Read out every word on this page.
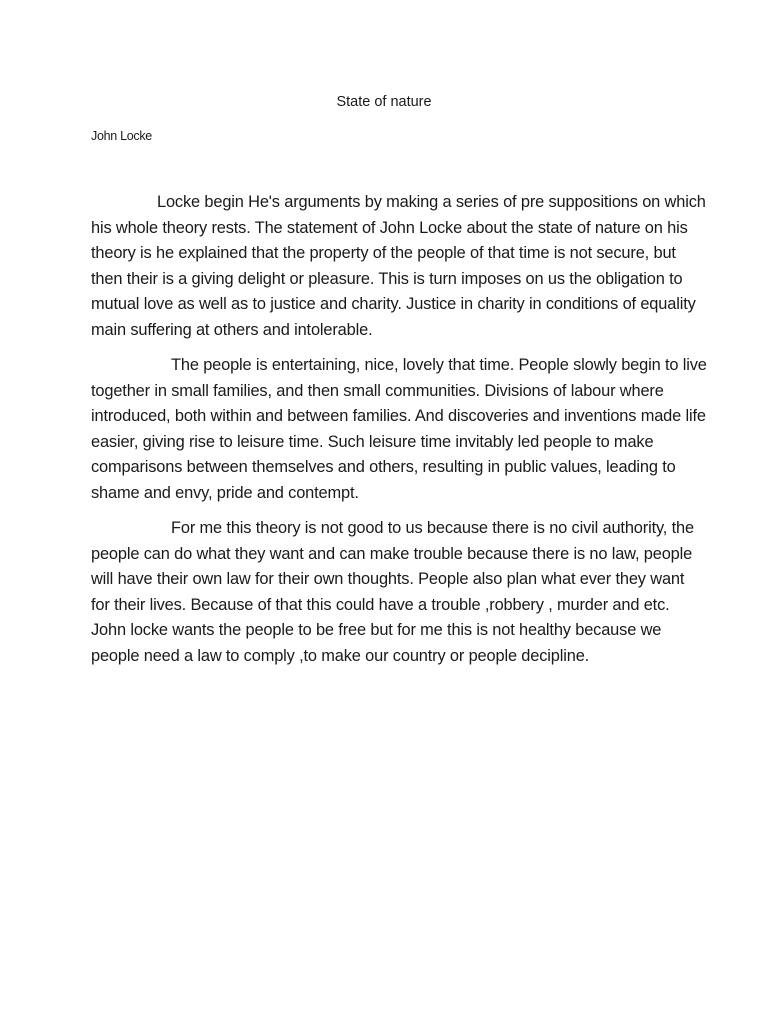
State of nature
John Locke

Locke begin He's arguments by making a series of pre suppositions on which his whole theory rests. The statement of John Locke about the state of nature on his theory is he explained that the property of the people of that time is not secure, but then their is a giving delight or pleasure. This is turn imposes on us the obligation to mutual love as well as to justice and charity. Justice in charity in conditions of equality main suffering at others and intolerable.

The people is entertaining, nice, lovely that time. People slowly begin to live together in small families, and then small communities. Divisions of labour where introduced, both within and between families. And discoveries and inventions made life easier, giving rise to leisure time. Such leisure time invitably led people to make comparisons between themselves and others, resulting in public values, leading to shame and envy, pride and contempt.

For me this theory is not good to us because there is no civil authority, the people can do what they want and can make trouble because there is no law, people will have their own law for their own thoughts. People also plan what ever they want for their lives. Because of that this could have a trouble ,robbery , murder and etc. John locke wants the people to be free but for me this is not healthy because we people need a law to comply ,to make our country or people decipline.
